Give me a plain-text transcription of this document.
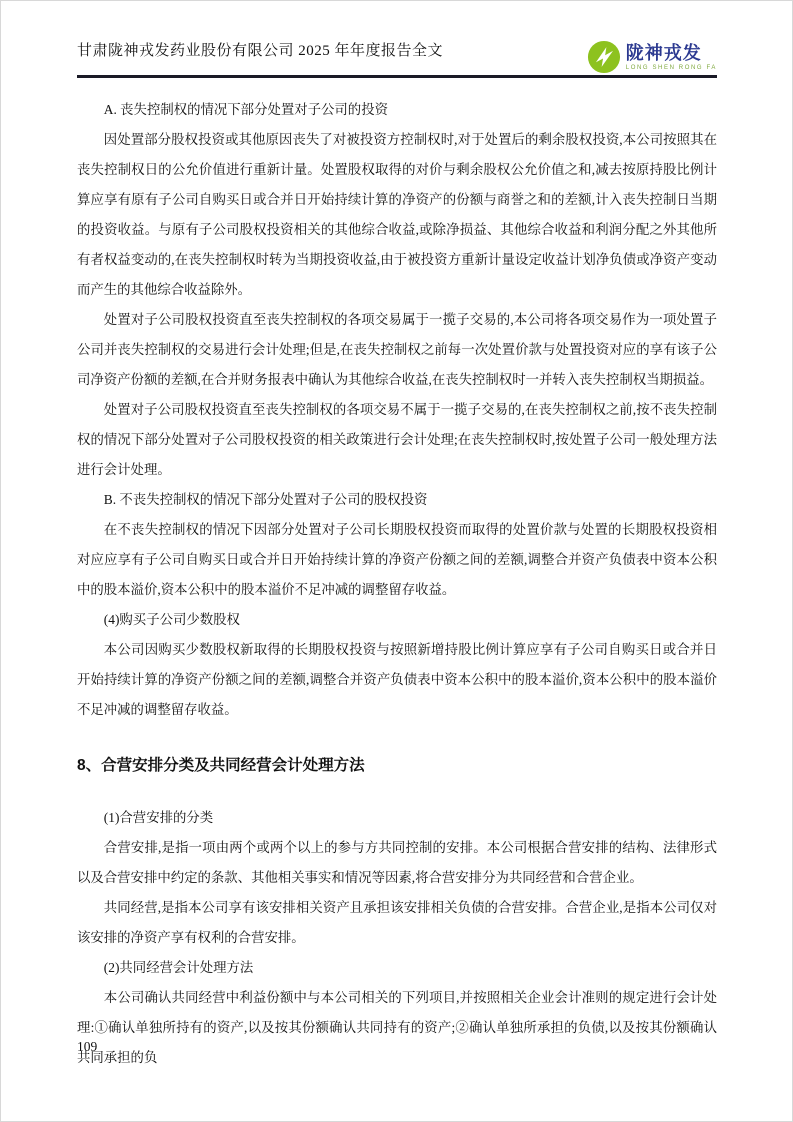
甘肃陇神戎发药业股份有限公司 2025 年年度报告全文	陇神戎发
LONG SHEN RONG FA

A. 丧失控制权的情况下部分处置对子公司的投资

因处置部分股权投资或其他原因丧失了对被投资方控制权时,对于处置后的剩余股权投资,本公司按照其在丧失控制权日的公允价值进行重新计量。处置股权取得的对价与剩余股权公允价值之和,减去按原持股比例计算应享有原有子公司自购买日或合并日开始持续计算的净资产的份额与商誉之和的差额,计入丧失控制日当期的投资收益。与原有子公司股权投资相关的其他综合收益,或除净损益、其他综合收益和利润分配之外其他所有者权益变动的,在丧失控制权时转为当期投资收益,由于被投资方重新计量设定收益计划净负债或净资产变动而产生的其他综合收益除外。

处置对子公司股权投资直至丧失控制权的各项交易属于一揽子交易的,本公司将各项交易作为一项处置子公司并丧失控制权的交易进行会计处理;但是,在丧失控制权之前每一次处置价款与处置投资对应的享有该子公司净资产份额的差额,在合并财务报表中确认为其他综合收益,在丧失控制权时一并转入丧失控制权当期损益。

处置对子公司股权投资直至丧失控制权的各项交易不属于一揽子交易的,在丧失控制权之前,按不丧失控制权的情况下部分处置对子公司股权投资的相关政策进行会计处理;在丧失控制权时,按处置子公司一般处理方法进行会计处理。

B. 不丧失控制权的情况下部分处置对子公司的股权投资

在不丧失控制权的情况下因部分处置对子公司长期股权投资而取得的处置价款与处置的长期股权投资相对应应享有子公司自购买日或合并日开始持续计算的净资产份额之间的差额,调整合并资产负债表中资本公积中的股本溢价,资本公积中的股本溢价不足冲减的调整留存收益。

(4)购买子公司少数股权

本公司因购买少数股权新取得的长期股权投资与按照新增持股比例计算应享有子公司自购买日或合并日开始持续计算的净资产份额之间的差额,调整合并资产负债表中资本公积中的股本溢价,资本公积中的股本溢价不足冲减的调整留存收益。

8、合营安排分类及共同经营会计处理方法

(1)合营安排的分类

合营安排,是指一项由两个或两个以上的参与方共同控制的安排。本公司根据合营安排的结构、法律形式以及合营安排中约定的条款、其他相关事实和情况等因素,将合营安排分为共同经营和合营企业。

共同经营,是指本公司享有该安排相关资产且承担该安排相关负债的合营安排。合营企业,是指本公司仅对该安排的净资产享有权利的合营安排。

(2)共同经营会计处理方法

本公司确认共同经营中利益份额中与本公司相关的下列项目,并按照相关企业会计准则的规定进行会计处理:①确认单独所持有的资产,以及按其份额确认共同持有的资产;②确认单独所承担的负债,以及按其份额确认共同承担的负

109
